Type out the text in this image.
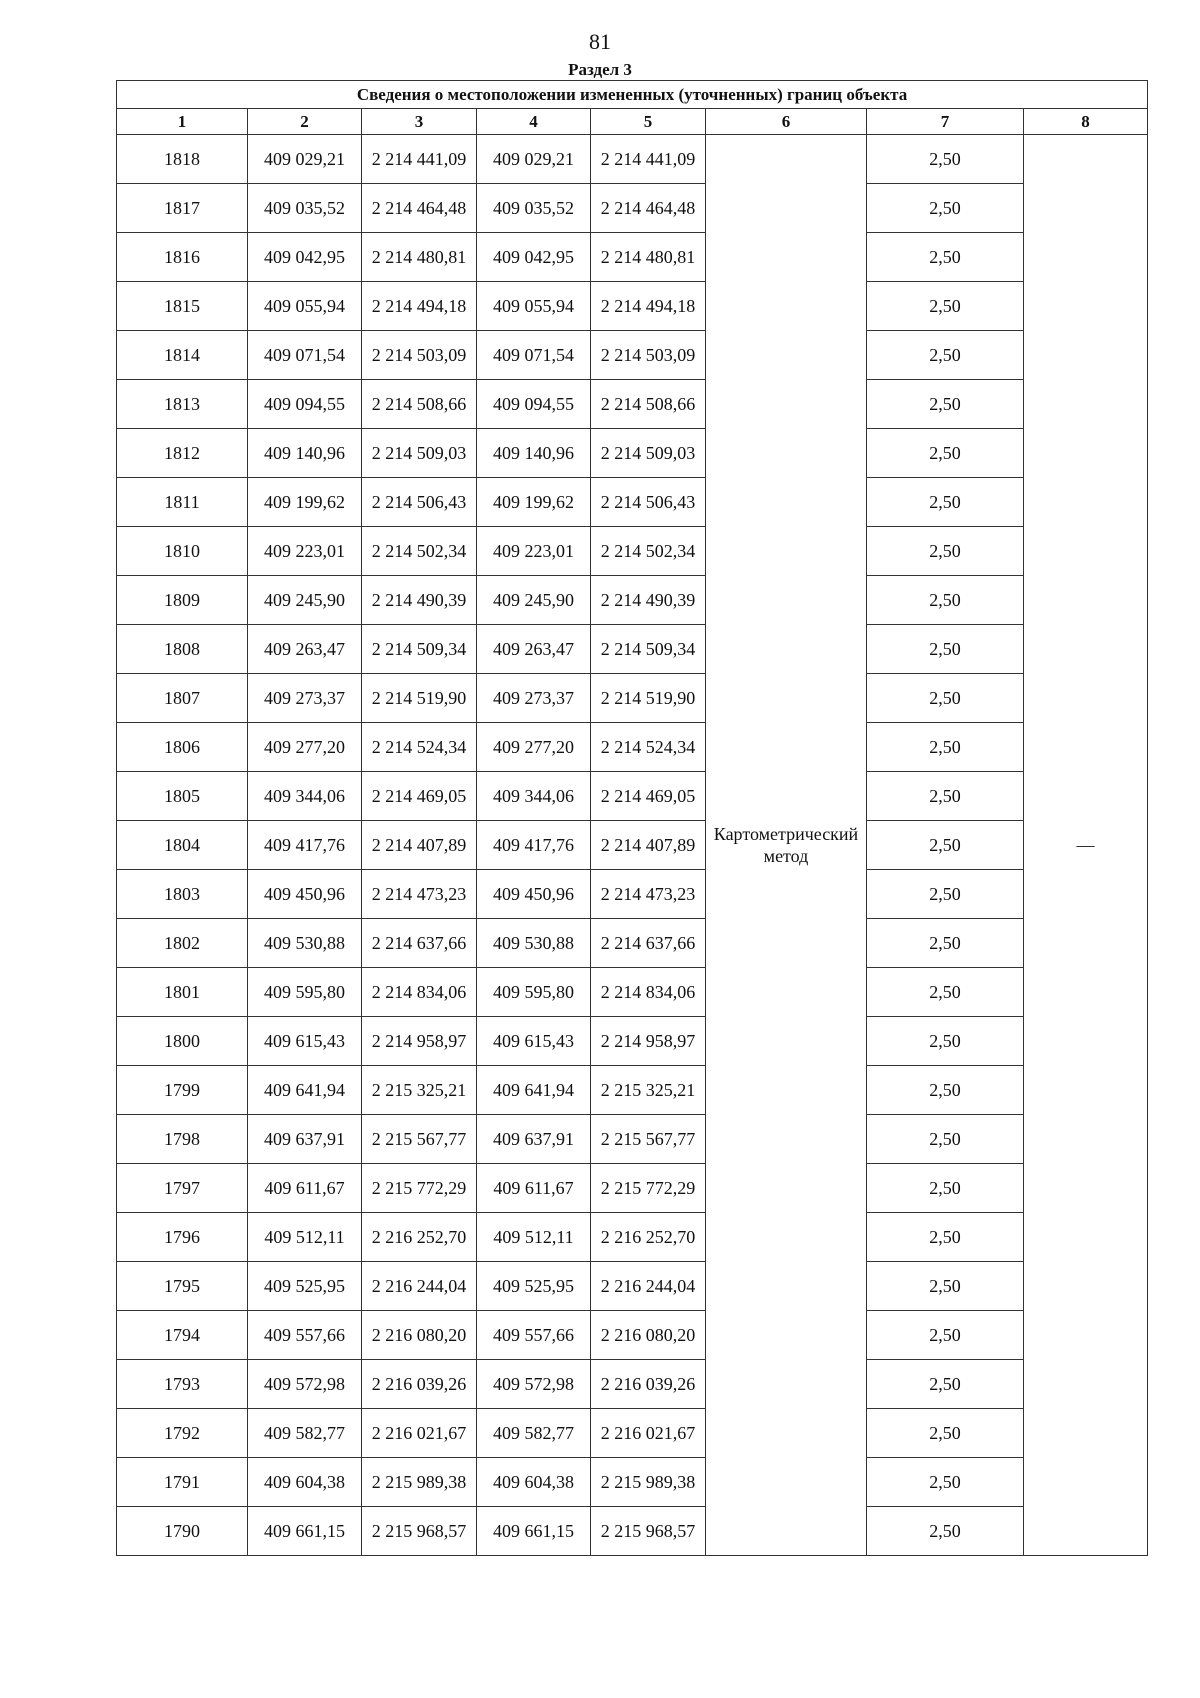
81
Раздел 3
Сведения о местоположении измененных (уточненных) границ объекта							
1	2	3	4	5	6	7	8
1818	409 029,21	2 214 441,09	409 029,21	2 214 441,09	Картометрический метод	2,50	—
1817	409 035,52	2 214 464,48	409 035,52	2 214 464,48		2,50	
1816	409 042,95	2 214 480,81	409 042,95	2 214 480,81		2,50	
1815	409 055,94	2 214 494,18	409 055,94	2 214 494,18		2,50	
1814	409 071,54	2 214 503,09	409 071,54	2 214 503,09		2,50	
1813	409 094,55	2 214 508,66	409 094,55	2 214 508,66		2,50	
1812	409 140,96	2 214 509,03	409 140,96	2 214 509,03		2,50	
1811	409 199,62	2 214 506,43	409 199,62	2 214 506,43		2,50	
1810	409 223,01	2 214 502,34	409 223,01	2 214 502,34		2,50	
1809	409 245,90	2 214 490,39	409 245,90	2 214 490,39		2,50	
1808	409 263,47	2 214 509,34	409 263,47	2 214 509,34		2,50	
1807	409 273,37	2 214 519,90	409 273,37	2 214 519,90		2,50	
1806	409 277,20	2 214 524,34	409 277,20	2 214 524,34		2,50	
1805	409 344,06	2 214 469,05	409 344,06	2 214 469,05		2,50	
1804	409 417,76	2 214 407,89	409 417,76	2 214 407,89		2,50	
1803	409 450,96	2 214 473,23	409 450,96	2 214 473,23		2,50	
1802	409 530,88	2 214 637,66	409 530,88	2 214 637,66		2,50	
1801	409 595,80	2 214 834,06	409 595,80	2 214 834,06		2,50	
1800	409 615,43	2 214 958,97	409 615,43	2 214 958,97		2,50	
1799	409 641,94	2 215 325,21	409 641,94	2 215 325,21		2,50	
1798	409 637,91	2 215 567,77	409 637,91	2 215 567,77		2,50	
1797	409 611,67	2 215 772,29	409 611,67	2 215 772,29		2,50	
1796	409 512,11	2 216 252,70	409 512,11	2 216 252,70		2,50	
1795	409 525,95	2 216 244,04	409 525,95	2 216 244,04		2,50	
1794	409 557,66	2 216 080,20	409 557,66	2 216 080,20		2,50	
1793	409 572,98	2 216 039,26	409 572,98	2 216 039,26		2,50	
1792	409 582,77	2 216 021,67	409 582,77	2 216 021,67		2,50	
1791	409 604,38	2 215 989,38	409 604,38	2 215 989,38		2,50	
1790	409 661,15	2 215 968,57	409 661,15	2 215 968,57		2,50	
